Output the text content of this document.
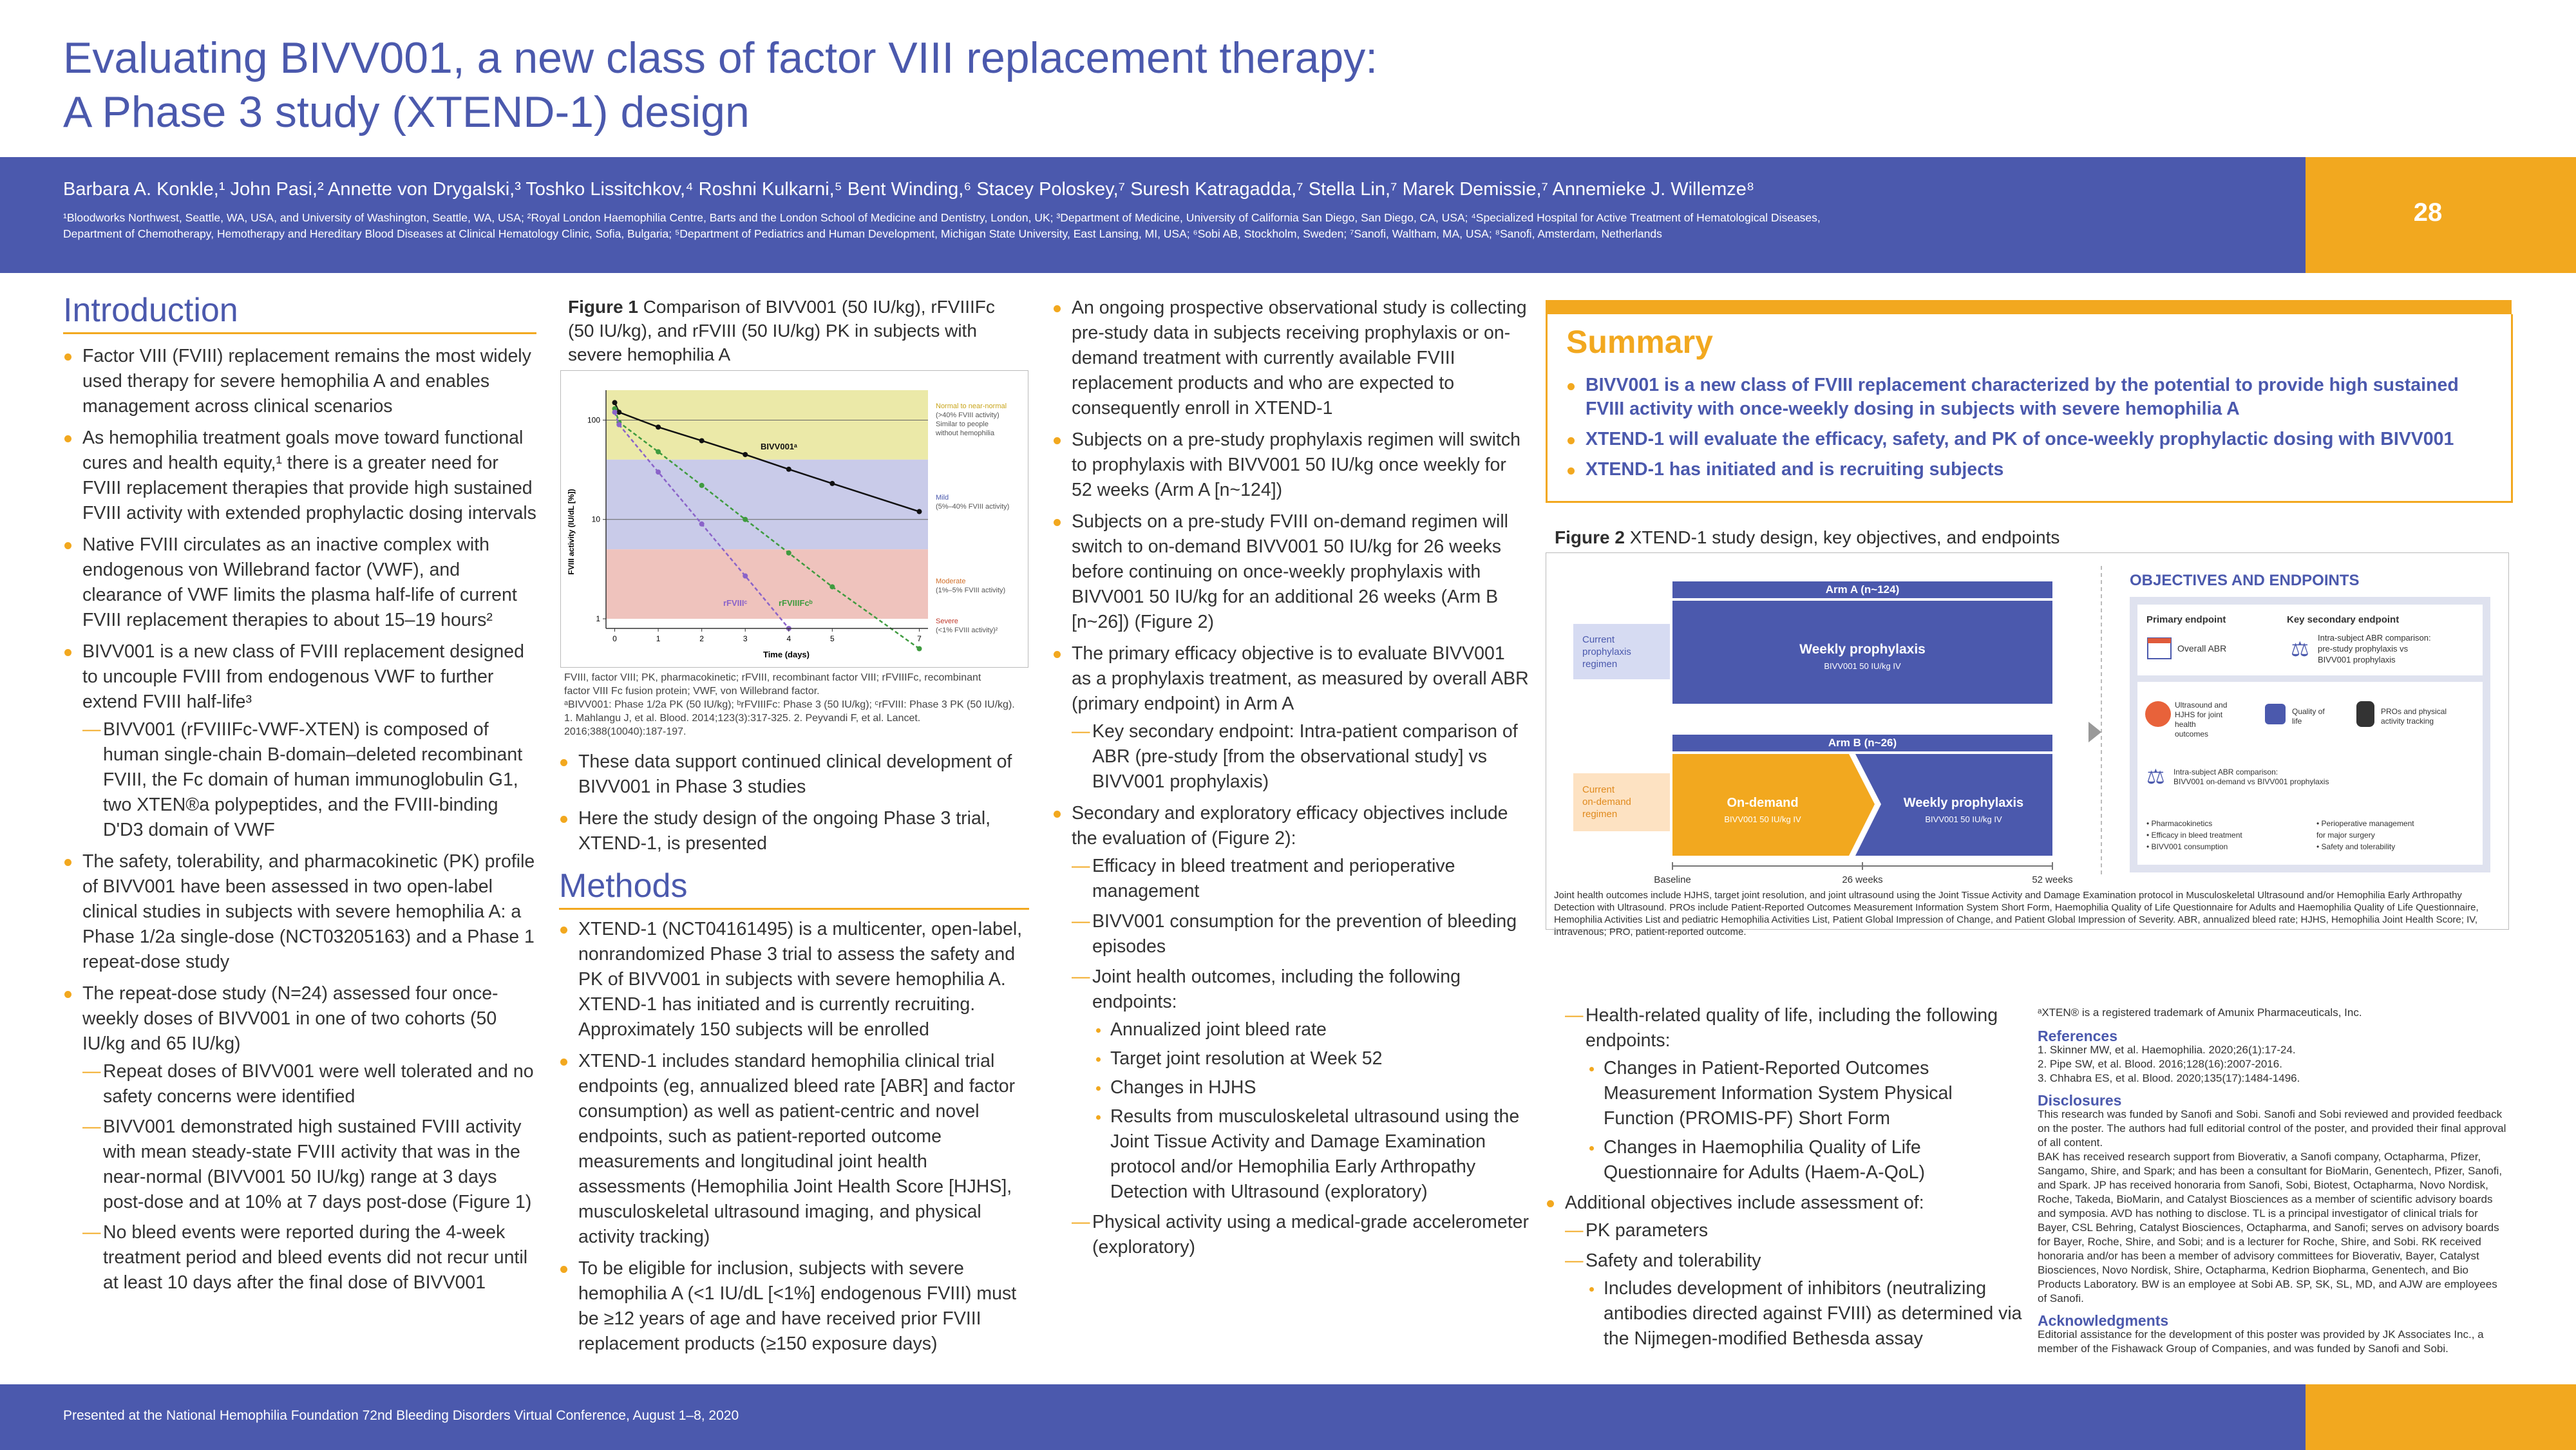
Evaluating BIVV001, a new class of factor VIII replacement therapy:
A Phase 3 study (XTEND-1) design
Barbara A. Konkle,¹ John Pasi,² Annette von Drygalski,³ Toshko Lissitchkov,⁴ Roshni Kulkarni,⁵ Bent Winding,⁶ Stacey Poloskey,⁷ Suresh Katragadda,⁷ Stella Lin,⁷ Marek Demissie,⁷ Annemieke J. Willemze⁸
¹Bloodworks Northwest, Seattle, WA, USA, and University of Washington, Seattle, WA, USA; ²Royal London Haemophilia Centre, Barts and the London School of Medicine and Dentistry, London, UK; ³Department of Medicine, University of California San Diego, San Diego, CA, USA; ⁴Specialized Hospital for Active Treatment of Hematological Diseases,
Department of Chemotherapy, Hemotherapy and Hereditary Blood Diseases at Clinical Hematology Clinic, Sofia, Bulgaria; ⁵Department of Pediatrics and Human Development, Michigan State University, East Lansing, MI, USA; ⁶Sobi AB, Stockholm, Sweden; ⁷Sanofi, Waltham, MA, USA; ⁸Sanofi, Amsterdam, Netherlands
28
Introduction
Factor VIII (FVIII) replacement remains the most widely used therapy for severe hemophilia A and enables management across clinical scenarios
As hemophilia treatment goals move toward functional cures and health equity,¹ there is a greater need for FVIII replacement therapies that provide high sustained FVIII activity with extended prophylactic dosing intervals
Native FVIII circulates as an inactive complex with endogenous von Willebrand factor (VWF), and clearance of VWF limits the plasma half-life of current FVIII replacement therapies to about 15–19 hours²
BIVV001 is a new class of FVIII replacement designed to uncouple FVIII from endogenous VWF to further extend FVIII half-life³
— BIVV001 (rFVIIIFc-VWF-XTEN) is composed of human single-chain B-domain–deleted recombinant FVIII, the Fc domain of human immunoglobulin G1, two XTEN®a polypeptides, and the FVIII-binding D'D3 domain of VWF
The safety, tolerability, and pharmacokinetic (PK) profile of BIVV001 have been assessed in two open-label clinical studies in subjects with severe hemophilia A: a Phase 1/2a single-dose (NCT03205163) and a Phase 1 repeat-dose study
The repeat-dose study (N=24) assessed four once-weekly doses of BIVV001 in one of two cohorts (50 IU/kg and 65 IU/kg)
— Repeat doses of BIVV001 were well tolerated and no safety concerns were identified
— BIVV001 demonstrated high sustained FVIII activity with mean steady-state FVIII activity that was in the near-normal (BIVV001 50 IU/kg) range at 3 days post-dose and at 10% at 7 days post-dose (Figure 1)
— No bleed events were reported during the 4-week treatment period and bleed events did not recur until at least 10 days after the final dose of BIVV001
Figure 1 Comparison of BIVV001 (50 IU/kg), rFVIIIFc (50 IU/kg), and rFVIII (50 IU/kg) PK in subjects with severe hemophilia A
0	1	2	3	4	5	7
1
10
100
FVIII activity (IU/dL [%])
Time (days)
Normal to near-normal
(>40% FVIII activity)
Similar to people
without hemophilia
Mild
(5%–40% FVIII activity)
Moderate
(1%–5% FVIII activity)
Severe
(<1% FVIII activity)²
BIVV001ᵃ
rFVIIIᶜ	rFVIIIFcᵇ
FVIII, factor VIII; PK, pharmacokinetic; rFVIII, recombinant factor VIII; rFVIIIFc, recombinant
factor VIII Fc fusion protein; VWF, von Willebrand factor.
ᵃBIVV001: Phase 1/2a PK (50 IU/kg); ᵇrFVIIIFc: Phase 3 (50 IU/kg); ᶜrFVIII: Phase 3 PK (50 IU/kg).
1. Mahlangu J, et al. Blood. 2014;123(3):317-325. 2. Peyvandi F, et al. Lancet.
2016;388(10040):187-197.
These data support continued clinical development of BIVV001 in Phase 3 studies
Here the study design of the ongoing Phase 3 trial, XTEND-1, is presented
Methods
XTEND-1 (NCT04161495) is a multicenter, open-label, nonrandomized Phase 3 trial to assess the safety and PK of BIVV001 in subjects with severe hemophilia A. XTEND-1 has initiated and is currently recruiting. Approximately 150 subjects will be enrolled
XTEND-1 includes standard hemophilia clinical trial endpoints (eg, annualized bleed rate [ABR] and factor consumption) as well as patient-centric and novel endpoints, such as patient-reported outcome measurements and longitudinal joint health assessments (Hemophilia Joint Health Score [HJHS], musculoskeletal ultrasound imaging, and physical activity tracking)
To be eligible for inclusion, subjects with severe hemophilia A (<1 IU/dL [<1%] endogenous FVIII) must be ≥12 years of age and have received prior FVIII replacement products (≥150 exposure days)
An ongoing prospective observational study is collecting pre-study data in subjects receiving prophylaxis or on-demand treatment with currently available FVIII replacement products and who are expected to consequently enroll in XTEND-1
Subjects on a pre-study prophylaxis regimen will switch to prophylaxis with BIVV001 50 IU/kg once weekly for 52 weeks (Arm A [n~124])
Subjects on a pre-study FVIII on-demand regimen will switch to on-demand BIVV001 50 IU/kg for 26 weeks before continuing on once-weekly prophylaxis with BIVV001 50 IU/kg for an additional 26 weeks (Arm B [n~26]) (Figure 2)
The primary efficacy objective is to evaluate BIVV001 as a prophylaxis treatment, as measured by overall ABR (primary endpoint) in Arm A
— Key secondary endpoint: Intra-patient comparison of ABR (pre-study [from the observational study] vs BIVV001 prophylaxis)
Secondary and exploratory efficacy objectives include the evaluation of (Figure 2):
— Efficacy in bleed treatment and perioperative management
— BIVV001 consumption for the prevention of bleeding episodes
— Joint health outcomes, including the following endpoints:
Annualized joint bleed rate
Target joint resolution at Week 52
Changes in HJHS
Results from musculoskeletal ultrasound using the Joint Tissue Activity and Damage Examination protocol and/or Hemophilia Early Arthropathy Detection with Ultrasound (exploratory)
— Physical activity using a medical-grade accelerometer (exploratory)
Summary
BIVV001 is a new class of FVIII replacement characterized by the potential to provide high sustained FVIII activity with once-weekly dosing in subjects with severe hemophilia A
XTEND-1 will evaluate the efficacy, safety, and PK of once-weekly prophylactic dosing with BIVV001
XTEND-1 has initiated and is recruiting subjects
Figure 2 XTEND-1 study design, key objectives, and endpoints
Arm A (n~124)
Current prophylaxis regimen
Weekly prophylaxis
BIVV001 50 IU/kg IV
Arm B (n~26)
Current on-demand regimen
On-demand
BIVV001 50 IU/kg IV
Weekly prophylaxis
BIVV001 50 IU/kg IV
Baseline	26 weeks	52 weeks
OBJECTIVES AND ENDPOINTS
Primary endpoint	Key secondary endpoint
Overall ABR	⚖ Intra-subject ABR comparison: pre-study prophylaxis vs BIVV001 prophylaxis
Ultrasound and HJHS for joint health outcomes
Quality of life
PROs and physical activity tracking
⚖ Intra-subject ABR comparison: BIVV001 on-demand vs BIVV001 prophylaxis
• Pharmacokinetics
• Efficacy in bleed treatment
• BIVV001 consumption
• Perioperative management
for major surgery
• Safety and tolerability
Joint health outcomes include HJHS, target joint resolution, and joint ultrasound using the Joint Tissue Activity and Damage Examination protocol in Musculoskeletal Ultrasound and/or Hemophilia Early Arthropathy Detection with Ultrasound. PROs include Patient-Reported Outcomes Measurement Information System Short Form, Haemophilia Quality of Life Questionnaire for Adults and Haemophilia Quality of Life Questionnaire, Hemophilia Activities List and pediatric Hemophilia Activities List, Patient Global Impression of Change, and Patient Global Impression of Severity. ABR, annualized bleed rate; HJHS, Hemophilia Joint Health Score; IV, intravenous; PRO, patient-reported outcome.
— Health-related quality of life, including the following endpoints:
Changes in Patient-Reported Outcomes Measurement Information System Physical Function (PROMIS-PF) Short Form
Changes in Haemophilia Quality of Life Questionnaire for Adults (Haem-A-QoL)
Additional objectives include assessment of:
— PK parameters
— Safety and tolerability
Includes development of inhibitors (neutralizing antibodies directed against FVIII) as determined via the Nijmegen-modified Bethesda assay
ᵃXTEN® is a registered trademark of Amunix Pharmaceuticals, Inc.
References
1. Skinner MW, et al. Haemophilia. 2020;26(1):17-24.
2. Pipe SW, et al. Blood. 2016;128(16):2007-2016.
3. Chhabra ES, et al. Blood. 2020;135(17):1484-1496.
Disclosures
This research was funded by Sanofi and Sobi. Sanofi and Sobi reviewed and provided feedback on the poster. The authors had full editorial control of the poster, and provided their final approval of all content.
BAK has received research support from Bioverativ, a Sanofi company, Octapharma, Pfizer, Sangamo, Shire, and Spark; and has been a consultant for BioMarin, Genentech, Pfizer, Sanofi, and Spark. JP has received honoraria from Sanofi, Sobi, Biotest, Octapharma, Novo Nordisk, Roche, Takeda, BioMarin, and Catalyst Biosciences as a member of scientific advisory boards and symposia. AVD has nothing to disclose. TL is a principal investigator of clinical trials for Bayer, CSL Behring, Catalyst Biosciences, Octapharma, and Sanofi; serves on advisory boards for Bayer, Roche, Shire, and Sobi; and is a lecturer for Roche, Shire, and Sobi. RK received honoraria and/or has been a member of advisory committees for Bioverativ, Bayer, Catalyst Biosciences, Novo Nordisk, Shire, Octapharma, Kedrion Biopharma, Genentech, and Bio Products Laboratory. BW is an employee at Sobi AB. SP, SK, SL, MD, and AJW are employees of Sanofi.
Acknowledgments
Editorial assistance for the development of this poster was provided by JK Associates Inc., a member of the Fishawack Group of Companies, and was funded by Sanofi and Sobi.
Presented at the National Hemophilia Foundation 72nd Bleeding Disorders Virtual Conference, August 1–8, 2020
